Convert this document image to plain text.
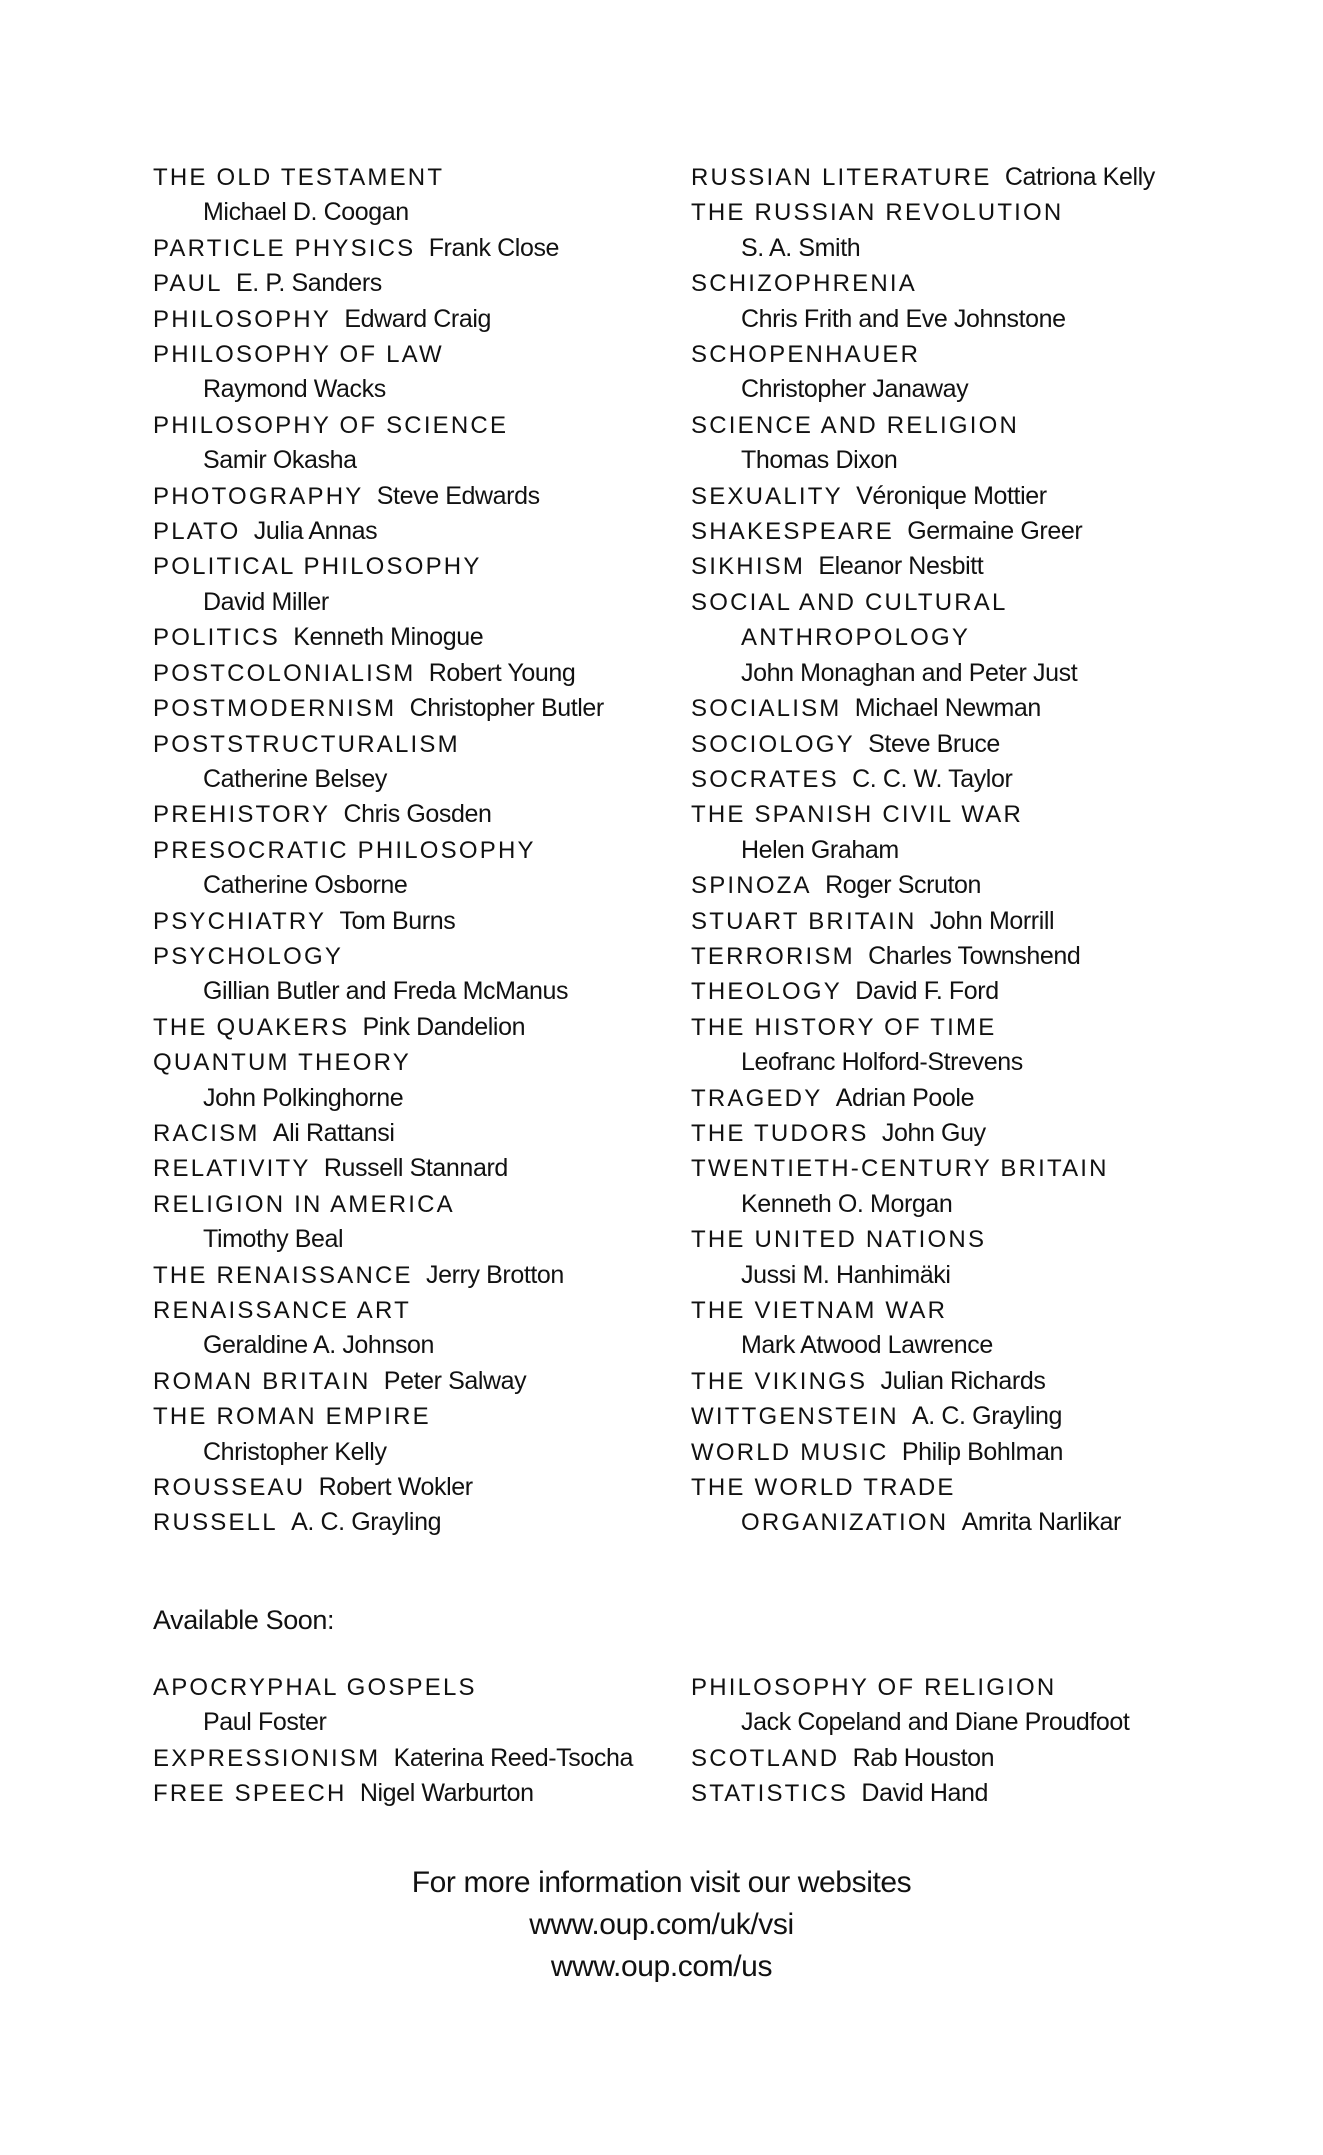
THE OLD TESTAMENT
Michael D. Coogan
PARTICLE PHYSICS Frank Close
PAUL E. P. Sanders
PHILOSOPHY Edward Craig
PHILOSOPHY OF LAW
Raymond Wacks
PHILOSOPHY OF SCIENCE
Samir Okasha
PHOTOGRAPHY Steve Edwards
PLATO Julia Annas
POLITICAL PHILOSOPHY
David Miller
POLITICS Kenneth Minogue
POSTCOLONIALISM Robert Young
POSTMODERNISM Christopher Butler
POSTSTRUCTURALISM
Catherine Belsey
PREHISTORY Chris Gosden
PRESOCRATIC PHILOSOPHY
Catherine Osborne
PSYCHIATRY Tom Burns
PSYCHOLOGY
Gillian Butler and Freda McManus
THE QUAKERS Pink Dandelion
QUANTUM THEORY
John Polkinghorne
RACISM Ali Rattansi
RELATIVITY Russell Stannard
RELIGION IN AMERICA
Timothy Beal
THE RENAISSANCE Jerry Brotton
RENAISSANCE ART
Geraldine A. Johnson
ROMAN BRITAIN Peter Salway
THE ROMAN EMPIRE
Christopher Kelly
ROUSSEAU Robert Wokler
RUSSELL A. C. Grayling
RUSSIAN LITERATURE Catriona Kelly
THE RUSSIAN REVOLUTION
S. A. Smith
SCHIZOPHRENIA
Chris Frith and Eve Johnstone
SCHOPENHAUER
Christopher Janaway
SCIENCE AND RELIGION
Thomas Dixon
SEXUALITY Véronique Mottier
SHAKESPEARE Germaine Greer
SIKHISM Eleanor Nesbitt
SOCIAL AND CULTURAL
ANTHROPOLOGY
John Monaghan and Peter Just
SOCIALISM Michael Newman
SOCIOLOGY Steve Bruce
SOCRATES C. C. W. Taylor
THE SPANISH CIVIL WAR
Helen Graham
SPINOZA Roger Scruton
STUART BRITAIN John Morrill
TERRORISM Charles Townshend
THEOLOGY David F. Ford
THE HISTORY OF TIME
Leofranc Holford-Strevens
TRAGEDY Adrian Poole
THE TUDORS John Guy
TWENTIETH-CENTURY BRITAIN
Kenneth O. Morgan
THE UNITED NATIONS
Jussi M. Hanhimäki
THE VIETNAM WAR
Mark Atwood Lawrence
THE VIKINGS Julian Richards
WITTGENSTEIN A. C. Grayling
WORLD MUSIC Philip Bohlman
THE WORLD TRADE
ORGANIZATION Amrita Narlikar
Available Soon:
APOCRYPHAL GOSPELS
Paul Foster
EXPRESSIONISM Katerina Reed-Tsocha
FREE SPEECH Nigel Warburton
PHILOSOPHY OF RELIGION
Jack Copeland and Diane Proudfoot
SCOTLAND Rab Houston
STATISTICS David Hand
For more information visit our websites
www.oup.com/uk/vsi
www.oup.com/us
